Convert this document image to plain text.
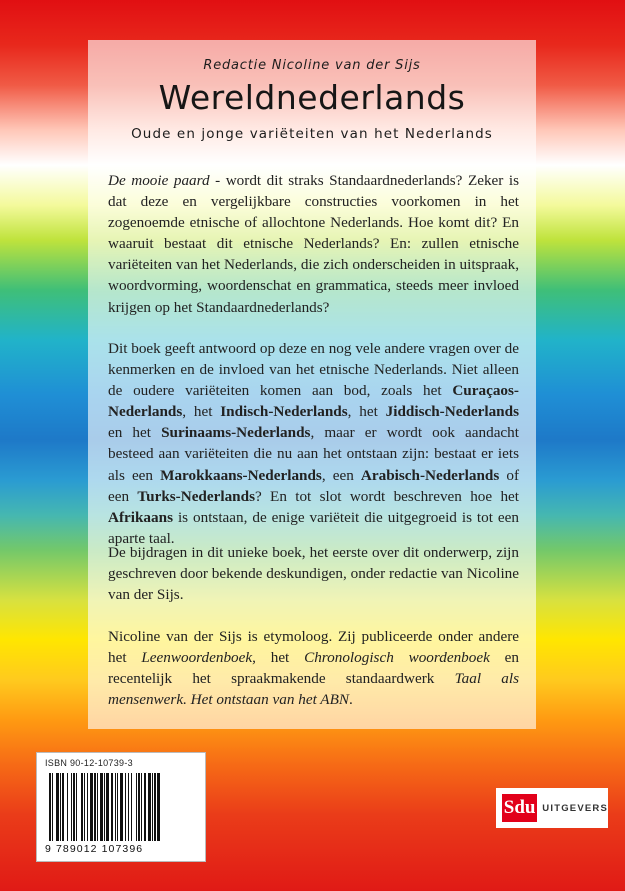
Redactie Nicoline van der Sijs
Wereldnederlands
Oude en jonge variëteiten van het Nederlands

De mooie paard - wordt dit straks Standaardnederlands? Zeker is dat deze en vergelijkbare constructies voorkomen in het zogenoemde etnische of allochtone Nederlands. Hoe komt dit? En waaruit bestaat dit etnische Nederlands? En: zullen etnische variëteiten van het Nederlands, die zich onderscheiden in uitspraak, woordvorming, woordenschat en grammatica, steeds meer invloed krijgen op het Standaardnederlands?

Dit boek geeft antwoord op deze en nog vele andere vragen over de kenmerken en de invloed van het etnische Nederlands. Niet alleen de oudere variëteiten komen aan bod, zoals het Curaçaos-Nederlands, het Indisch-Nederlands, het Jiddisch-Nederlands en het Surinaams-Nederlands, maar er wordt ook aandacht besteed aan variëteiten die nu aan het ontstaan zijn: bestaat er iets als een Marokkaans-Nederlands, een Arabisch-Nederlands of een Turks-Nederlands? En tot slot wordt beschreven hoe het Afrikaans is ontstaan, de enige variëteit die uitgegroeid is tot een aparte taal.

De bijdragen in dit unieke boek, het eerste over dit onderwerp, zijn geschreven door bekende deskundigen, onder redactie van Nicoline van der Sijs.

Nicoline van der Sijs is etymoloog. Zij publiceerde onder andere het Leenwoordenboek, het Chronologisch woordenboek en recentelijk het spraakmakende standaardwerk Taal als mensenwerk. Het ontstaan van het ABN.

ISBN 90-12-10739-3
9 789012 107396
Sdu UITGEVERS
